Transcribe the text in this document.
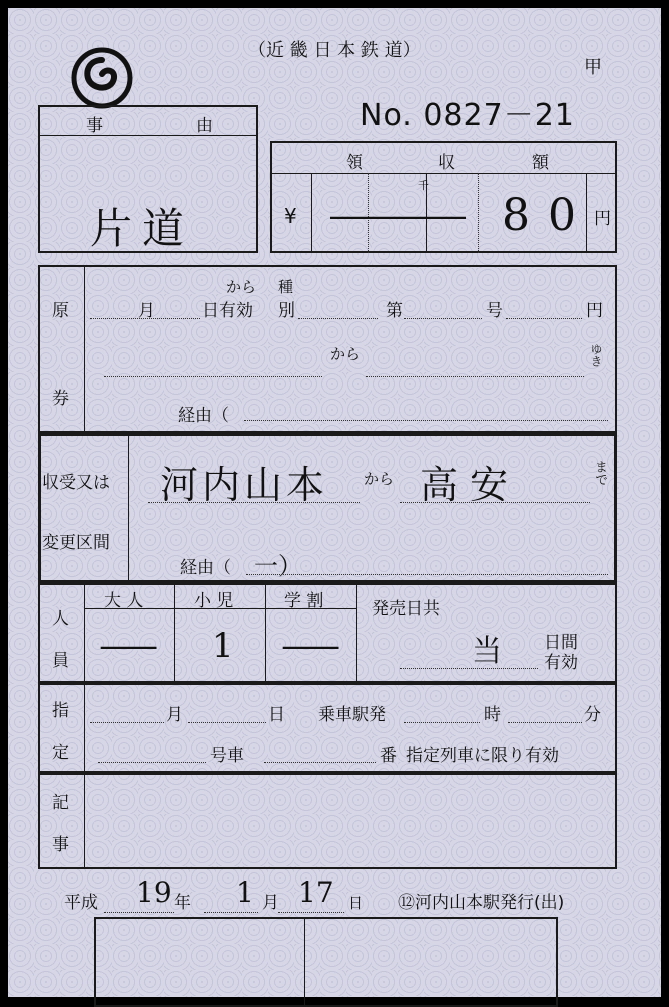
（近 畿 日 本 鉄 道）
甲
No. 0827－21
事	由
片道
領	収	額
¥
千
―――― 8 0 円
原
券
から 種
月	日有効 別	第	号	円
から	ゆき
経由（
収受又は
変更区間
河内山本 から 高安	まで
経由（ 一）
人
員
大 人	小 児	学 割
— 1 —
発売日共
当 日間
有効
指
定
月	日 乗車駅発	時	分
号車	番 指定列車に限り有効
記
事
平成 19 年 1 月 17 日 ⑫河内山本駅発行(出)
